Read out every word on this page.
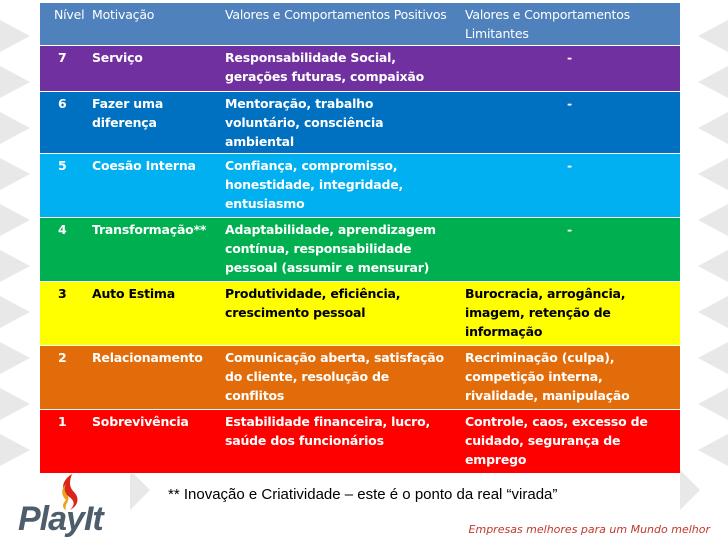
Nível	Motivação	Valores e Comportamentos Positivos	Valores e Comportamentos Limitantes
7	Serviço	Responsabilidade Social, gerações futuras, compaixão	-
6	Fazer uma diferença	Mentoração, trabalho voluntário, consciência ambiental	-
5	Coesão Interna	Confiança, compromisso, honestidade, integridade, entusiasmo	-
4	Transformação**	Adaptabilidade, aprendizagem contínua, responsabilidade pessoal (assumir e mensurar)	-
3	Auto Estima	Produtividade, eficiência, crescimento pessoal	Burocracia, arrogância, imagem, retenção de informação
2	Relacionamento	Comunicação aberta, satisfação do cliente, resolução de conflitos	Recriminação (culpa), competição interna, rivalidade, manipulação
1	Sobrevivência	Estabilidade financeira, lucro, saúde dos funcionários	Controle, caos, excesso de cuidado, segurança de emprego
** Inovação e Criatividade – este é o ponto da real “virada”
PlayIt	Empresas melhores para um Mundo melhor
